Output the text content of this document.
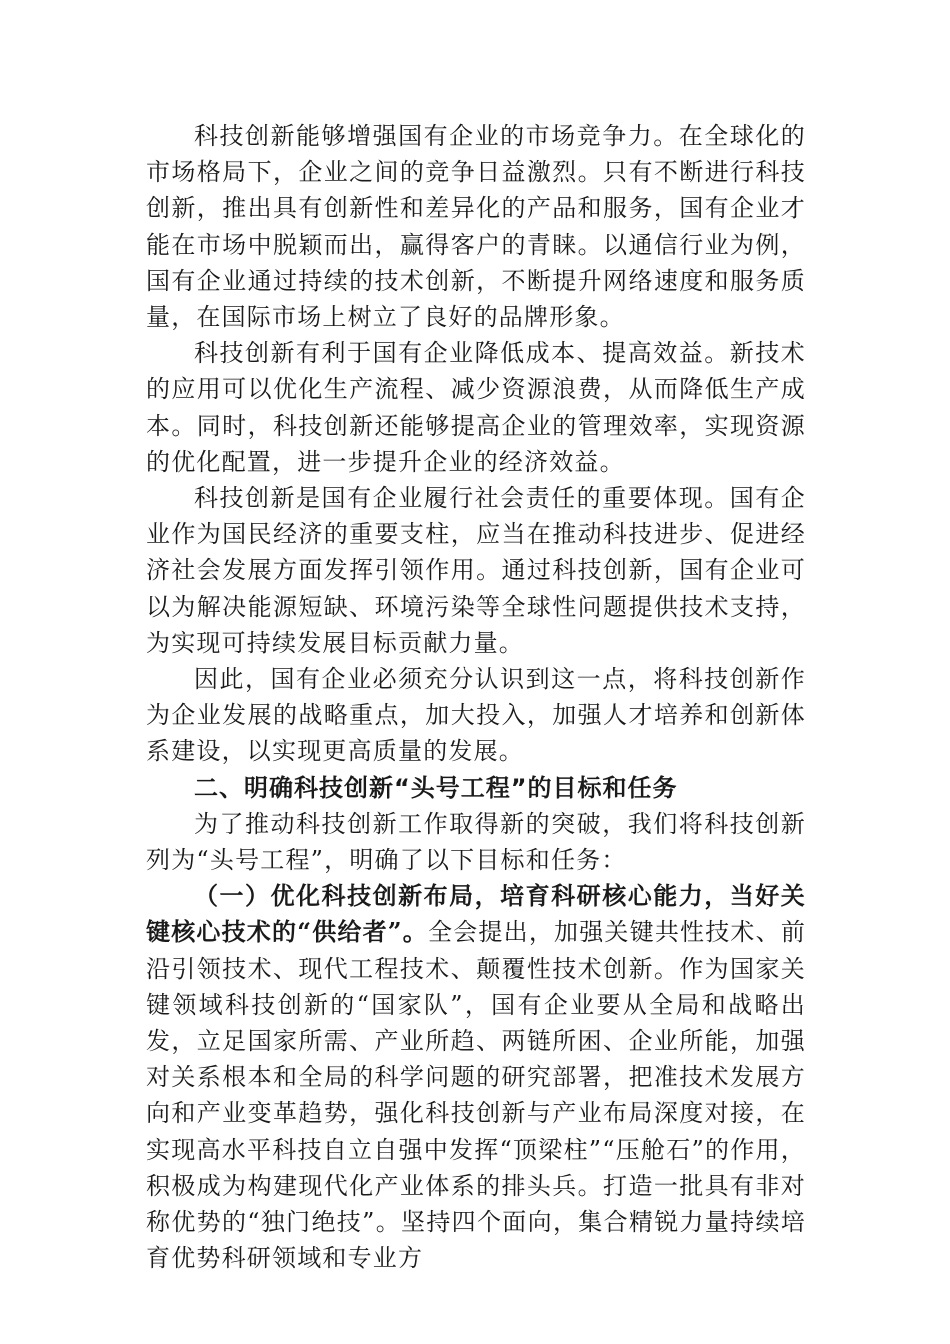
科技创新能够增强国有企业的市场竞争力。在全球化的市场格局下，企业之间的竞争日益激烈。只有不断进行科技创新，推出具有创新性和差异化的产品和服务，国有企业才能在市场中脱颖而出，赢得客户的青睐。以通信行业为例，国有企业通过持续的技术创新，不断提升网络速度和服务质量，在国际市场上树立了良好的品牌形象。

科技创新有利于国有企业降低成本、提高效益。新技术的应用可以优化生产流程、减少资源浪费，从而降低生产成本。同时，科技创新还能够提高企业的管理效率，实现资源的优化配置，进一步提升企业的经济效益。

科技创新是国有企业履行社会责任的重要体现。国有企业作为国民经济的重要支柱，应当在推动科技进步、促进经济社会发展方面发挥引领作用。通过科技创新，国有企业可以为解决能源短缺、环境污染等全球性问题提供技术支持，为实现可持续发展目标贡献力量。

因此，国有企业必须充分认识到这一点，将科技创新作为企业发展的战略重点，加大投入，加强人才培养和创新体系建设，以实现更高质量的发展。

二、明确科技创新“头号工程”的目标和任务

为了推动科技创新工作取得新的突破，我们将科技创新列为“头号工程”，明确了以下目标和任务：

（一）优化科技创新布局，培育科研核心能力，当好关键核心技术的“供给者”。全会提出，加强关键共性技术、前沿引领技术、现代工程技术、颠覆性技术创新。作为国家关键领域科技创新的“国家队”，国有企业要从全局和战略出发，立足国家所需、产业所趋、两链所困、企业所能，加强对关系根本和全局的科学问题的研究部署，把准技术发展方向和产业变革趋势，强化科技创新与产业布局深度对接，在实现高水平科技自立自强中发挥“顶梁柱”“压舱石”的作用，积极成为构建现代化产业体系的排头兵。打造一批具有非对称优势的“独门绝技”。坚持四个面向，集合精锐力量持续培育优势科研领域和专业方
